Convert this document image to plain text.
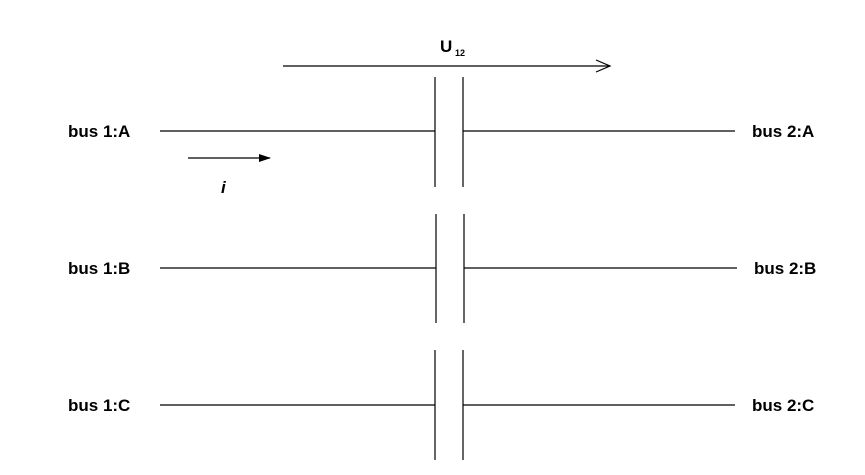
U 12
i
bus 1:A	bus 2:A
bus 1:B	bus 2:B
bus 1:C	bus 2:C
